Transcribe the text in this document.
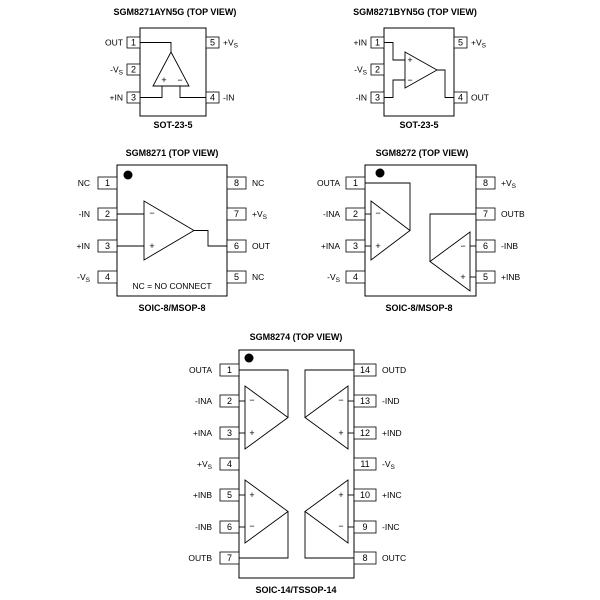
SGM8271AYN5G (TOP VIEW)
1
OUT
2
$-V_S$
3
+IN
$5 +V_S$
4 -IN
+ −
SOT-23-5
SGM8271BYN5G (TOP VIEW)
1
+IN
2
$-V_S$
3
-IN
$5 +V_S$
4 OUT
+
−
SOT-23-5
SGM8271 (TOP VIEW)
1
NC
2
-IN
3
+IN
4
$-V_S$
8 NC
$7 +V_S$
6 OUT
5 NC
−
+
NC = NO CONNECT
SOIC-8/MSOP-8
SGM8272 (TOP VIEW)
1
OUTA
2
-INA
3
+INA
4
$-V_S$
$8 +V_S$
7 OUTB
6 -INB
5 +INB
−
+	−
+
SOIC-8/MSOP-8
SGM8274 (TOP VIEW)
1
OUTA
2
-INA
3
+INA
4
$+V_S$
5
+INB
6
-INB
7
OUTB
14 OUTD
13 -IND
12 +IND
11 $-V_S$
10 +INC
9 -INC
8 OUTC
−
+
+
−
−
+
+
−
SOIC-14/TSSOP-14
